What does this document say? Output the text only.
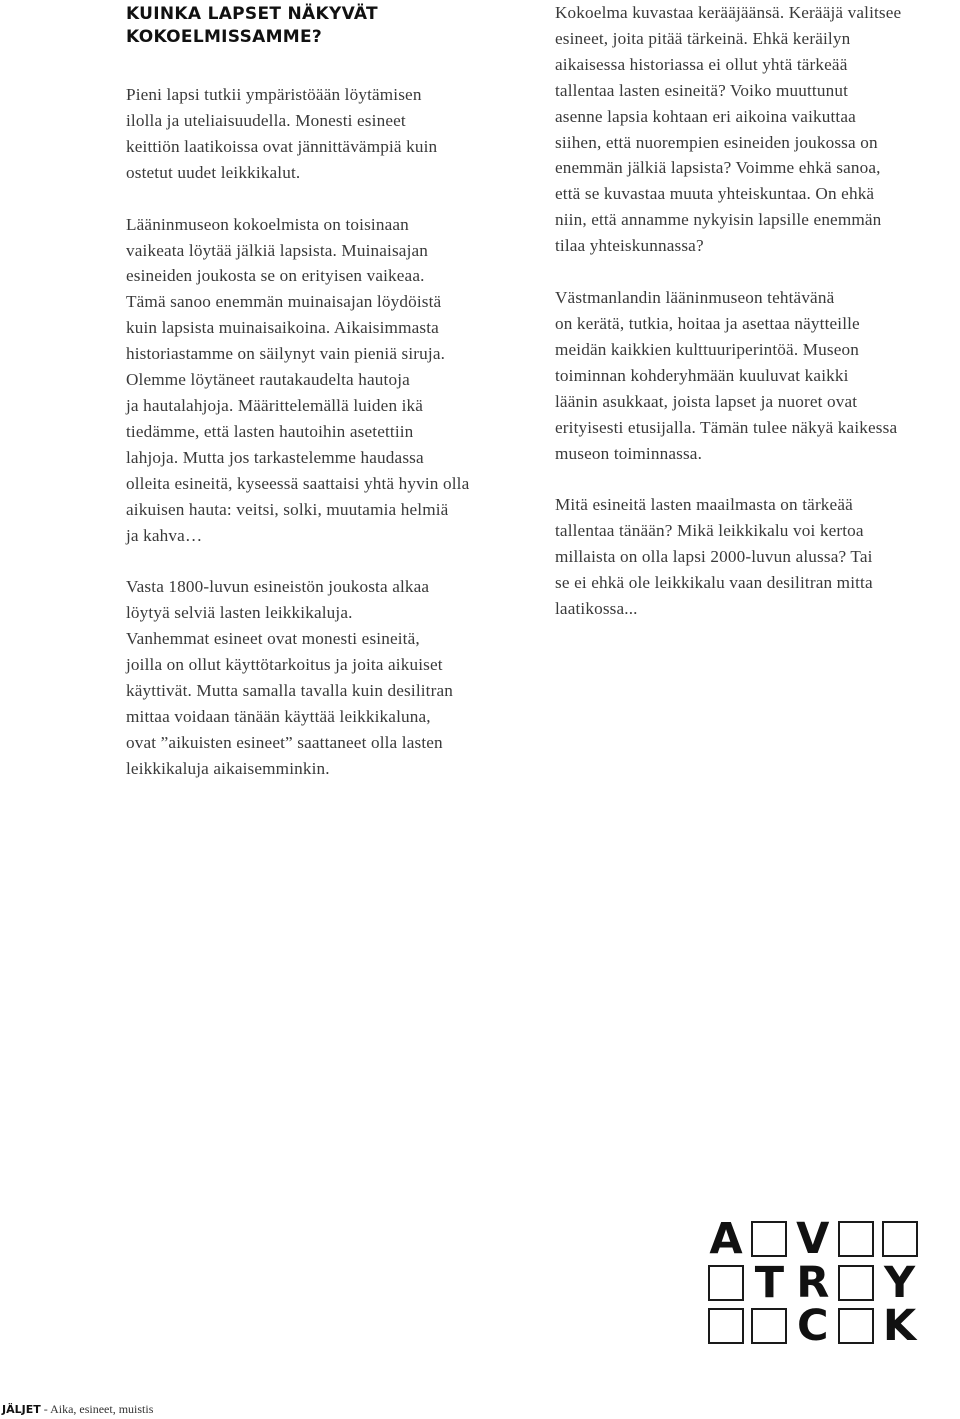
KUINKA LAPSET NÄKYVÄT
KOKOELMISSAMME?

Pieni lapsi tutkii ympäristöään löytämisen
ilolla ja uteliaisuudella. Monesti esineet
keittiön laatikoissa ovat jännittävämpiä kuin
ostetut uudet leikkikalut.

Lääninmuseon kokoelmista on toisinaan
vaikeata löytää jälkiä lapsista. Muinaisajan
esineiden joukosta se on erityisen vaikeaa.
Tämä sanoo enemmän muinaisajan löydöistä
kuin lapsista muinaisaikoina. Aikaisimmasta
historiastamme on säilynyt vain pieniä siruja.
Olemme löytäneet rautakaudelta hautoja
ja hautalahjoja. Määrittelemällä luiden ikä
tiedämme, että lasten hautoihin asetettiin
lahjoja. Mutta jos tarkastelemme haudassa
olleita esineitä, kyseessä saattaisi yhtä hyvin olla
aikuisen hauta: veitsi, solki, muutamia helmiä
ja kahva…

Vasta 1800-luvun esineistön joukosta alkaa
löytyä selviä lasten leikkikaluja.
Vanhemmat esineet ovat monesti esineitä,
joilla on ollut käyttötarkoitus ja joita aikuiset
käyttivät. Mutta samalla tavalla kuin desilitran
mittaa voidaan tänään käyttää leikkikaluna,
ovat ”aikuisten esineet” saattaneet olla lasten
leikkikaluja aikaisemminkin.

Kokoelma kuvastaa kerääjäänsä. Kerääjä valitsee
esineet, joita pitää tärkeinä. Ehkä keräilyn
aikaisessa historiassa ei ollut yhtä tärkeää
tallentaa lasten esineitä? Voiko muuttunut
asenne lapsia kohtaan eri aikoina vaikuttaa
siihen, että nuorempien esineiden joukossa on
enemmän jälkiä lapsista? Voimme ehkä sanoa,
että se kuvastaa muuta yhteiskuntaa. On ehkä
niin, että annamme nykyisin lapsille enemmän
tilaa yhteiskunnassa?

Västmanlandin lääninmuseon tehtävänä
on kerätä, tutkia, hoitaa ja asettaa näytteille
meidän kaikkien kulttuuriperintöä. Museon
toiminnan kohderyhmään kuuluvat kaikki
läänin asukkaat, joista lapset ja nuoret ovat
erityisesti etusijalla. Tämän tulee näkyä kaikessa
museon toiminnassa.

Mitä esineitä lasten maailmasta on tärkeää
tallentaa tänään? Mikä leikkikalu voi kertoa
millaista on olla lapsi 2000-luvun alussa? Tai
se ei ehkä ole leikkikalu vaan desilitran mitta
laatikossa...

A V
T R Y
C K
JÄLJET - Aika, esineet, muistis
